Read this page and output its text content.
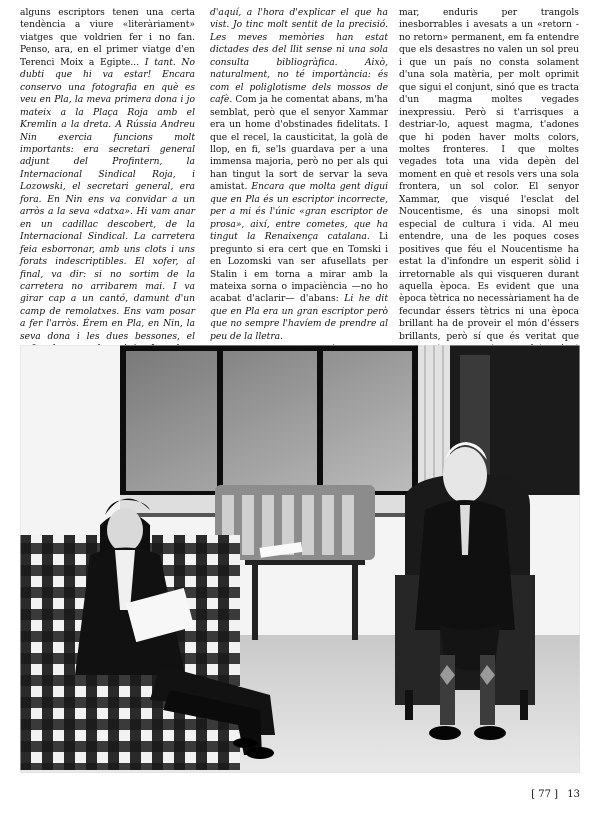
alguns escriptors tenen una certa tendència a viure «literàriament» viatges que voldrien fer i no fan. Penso, ara, en el primer viatge d'en Terenci Moix a Egipte... I tant. No dubti que hi va estar! Encara conservo una fotografia en què es veu en Pla, la meva primera dona i jo mateix a la Plaça Roja amb el Kremlin a la dreta. A Rússia Andreu Nin exercia funcions molt importants: era secretari general adjunt del Profintern, la Internacional Sindical Roja, i Lozowski, el secretari general, era fora. En Nin ens va convidar a un arròs a la seva «datxa». Hi vam anar en un cadillac descobert, de la Internacional Sindical. La carretera feia esborronar, amb uns clots i uns forats indescriptibles. El xofer, al final, va dir: si no sortim de la carretera no arribarem mai. I va girar cap a un cantó, damunt d'un camp de remolatxes. Ens vam posar a fer l'arròs. Érem en Pla, en Nin, la seva dona i les dues bessones, el

d'aquí, a l'hora d'explicar el que ha vist. Jo tinc molt sentit de la precisió. Les meves memòries han estat dictades des del llit sense ni una sola consulta bibliogràfica. Això, naturalment, no té importància: és com el poliglotisme dels mossos de cafè. Com ja he comentat abans, m'ha semblat, però que el senyor Xammar era un home d'obstinades fidelitats. I que el recel, la causticitat, la golà de llop, en fi, se'ls guardava per a una immensa majoria, però no per als qui han tingut la sort de servar la seva amistat. Encara que molta gent digui que en Pla és un escriptor incorrecte, per a mi és l'únic «gran escriptor de prosa», així, entre cometes, que ha tingut la Renaixença catalana. Li pregunto si era cert que en Tomski i en Lozomski van ser afusellats per Stalin i em torna a mirar amb la mateixa sorna o impaciència —no ho acabat d'aclarir— d'abans: Li he dit que en Pla era un gran escriptor però que no sempre l'havíem de prendre al peu de la lletra.

mar, enduris per trangols inesborrables i avesats a un «retorn - no retorn» permanent, em fa entendre que els desastres no valen un sol preu i que un país no consta solament d'una sola matèria, per molt oprimit que sigui el conjunt, sinó que es tracta d'un magma moltes vegades inexpressiu. Però si t'arrisques a destriar-lo, aquest magma, t'adones que hi poden haver molts colors, moltes fronteres. I que moltes vegades tota una vida depèn del moment en què et resols vers una sola frontera, un sol color. El senyor Xammar, que visqué l'esclat del Noucentisme, és una sinopsi molt especial de cultura i vida. Al meu entendre, una de les poques coses positives que féu el Noucentisme ha estat la d'infondre un esperit sòlid i irretornable als qui visqueren durant aquella època. Es evident que una època tètrica no necessàriament ha de fecundar éssers tètrics ni una època brillant ha de proveir el món d'éssers brillants, però sí que és veritat que

[ 77 ] 13
